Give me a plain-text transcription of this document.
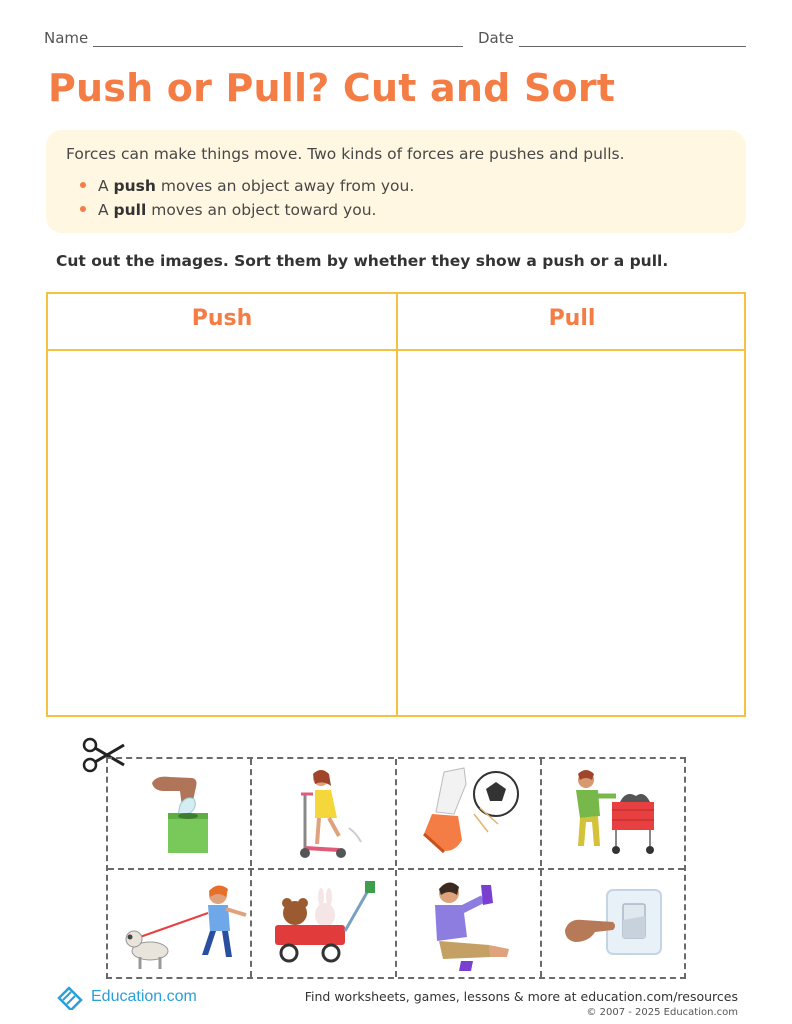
Name	Date
Push or Pull? Cut and Sort
Forces can make things move. Two kinds of forces are pushes and pulls.
A push moves an object away from you.
A pull moves an object toward you.
Cut out the images. Sort them by whether they show a push or a pull.
Push	Pull
Education.com	Find worksheets, games, lessons & more at education.com/resources
© 2007 - 2025 Education.com
